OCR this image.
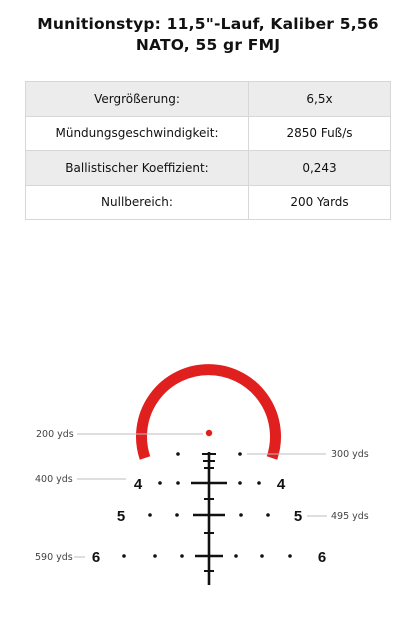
Munitionstyp: 11,5"-Lauf, Kaliber 5,56 NATO, 55 gr FMJ
Vergrößerung:	6,5x
Mündungsgeschwindigkeit:	2850 Fuß/s
Ballistischer Koeffizient:	0,243
Nullbereich:	200 Yards
4	4
5	5
6	6
200 yds
300 yds
400 yds
495 yds
590 yds
